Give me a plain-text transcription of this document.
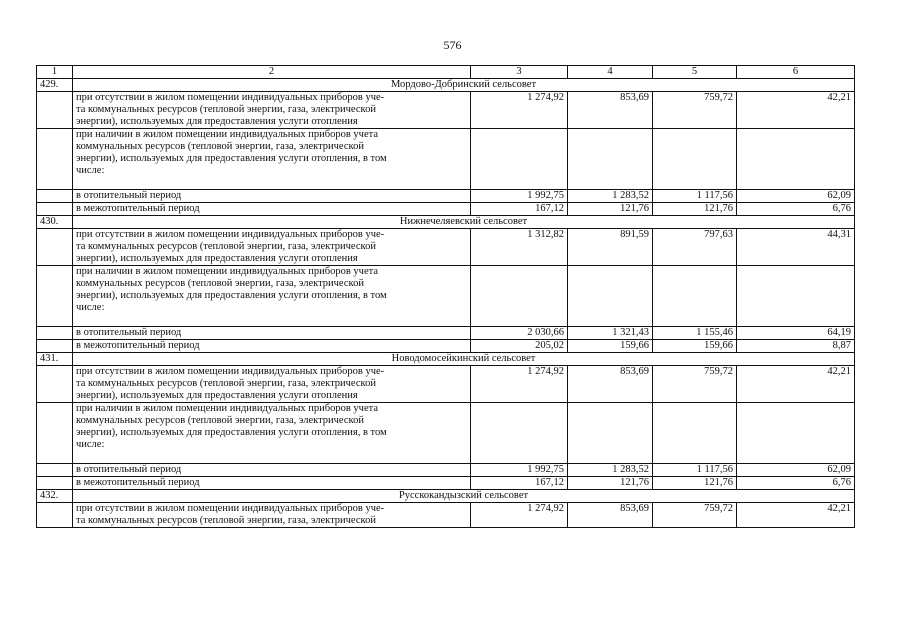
576
1	2	3	4	5	6
429.	Мордово-Добринский сельсовет				
	при отсутствии в жилом помещении индивидуальных приборов уче-
та коммунальных ресурсов (тепловой энергии, газа, электрической
энергии), используемых для предоставления услуги отопления	1 274,92	853,69	759,72	42,21
	при наличии в жилом помещении индивидуальных приборов учета
коммунальных ресурсов (тепловой энергии, газа, электрической
энергии), используемых для предоставления услуги отопления, в том
числе:				
	в отопительный период	1 992,75	1 283,52	1 117,56	62,09
	в межотопительный период	167,12	121,76	121,76	6,76
430.	Нижнечеляевский сельсовет				
	при отсутствии в жилом помещении индивидуальных приборов уче-
та коммунальных ресурсов (тепловой энергии, газа, электрической
энергии), используемых для предоставления услуги отопления	1 312,82	891,59	797,63	44,31
	при наличии в жилом помещении индивидуальных приборов учета
коммунальных ресурсов (тепловой энергии, газа, электрической
энергии), используемых для предоставления услуги отопления, в том
числе:				
	в отопительный период	2 030,66	1 321,43	1 155,46	64,19
	в межотопительный период	205,02	159,66	159,66	8,87
431.	Новодомосейкинский сельсовет				
	при отсутствии в жилом помещении индивидуальных приборов уче-
та коммунальных ресурсов (тепловой энергии, газа, электрической
энергии), используемых для предоставления услуги отопления	1 274,92	853,69	759,72	42,21
	при наличии в жилом помещении индивидуальных приборов учета
коммунальных ресурсов (тепловой энергии, газа, электрической
энергии), используемых для предоставления услуги отопления, в том
числе:				
	в отопительный период	1 992,75	1 283,52	1 117,56	62,09
	в межотопительный период	167,12	121,76	121,76	6,76
432.	Русскокандызский сельсовет				
	при отсутствии в жилом помещении индивидуальных приборов уче-
та коммунальных ресурсов (тепловой энергии, газа, электрической	1 274,92	853,69	759,72	42,21
